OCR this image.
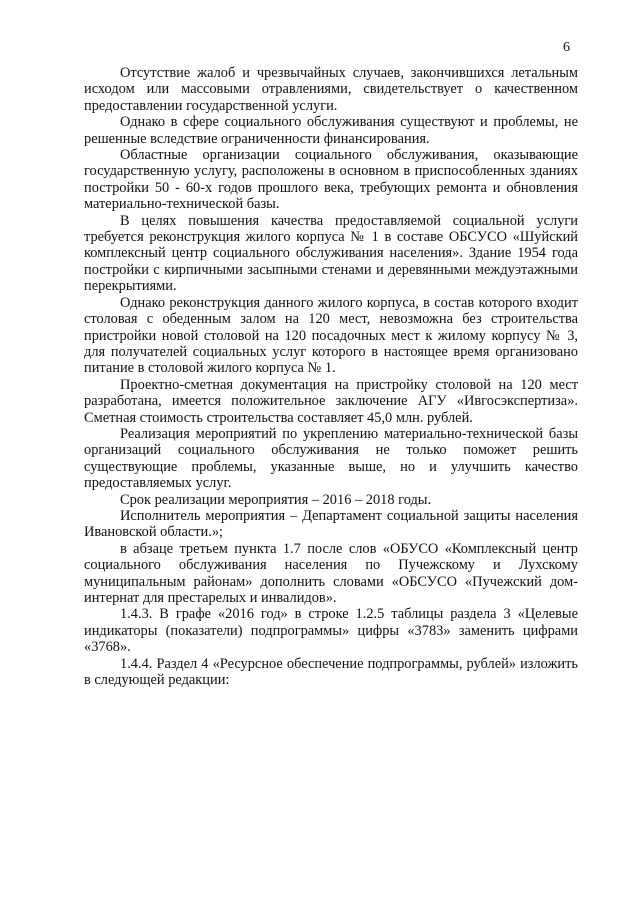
6

Отсутствие жалоб и чрезвычайных случаев, закончившихся летальным исходом или массовыми отравлениями, свидетельствует о качественном предоставлении государственной услуги.

Однако в сфере социального обслуживания существуют и проблемы, не решенные вследствие ограниченности финансирования.

Областные организации социального обслуживания, оказывающие государственную услугу, расположены в основном в приспособленных зданиях постройки 50 - 60-х годов прошлого века, требующих ремонта и обновления материально-технической базы.

В целях повышения качества предоставляемой социальной услуги требуется реконструкция жилого корпуса № 1 в составе ОБСУСО «Шуйский комплексный центр социального обслуживания населения». Здание 1954 года постройки с кирпичными засыпными стенами и деревянными междуэтажными перекрытиями.

Однако реконструкция данного жилого корпуса, в состав которого входит столовая с обеденным залом на 120 мест, невозможна без строительства пристройки новой столовой на 120 посадочных мест к жилому корпусу № 3, для получателей социальных услуг которого в настоящее время организовано питание в столовой жилого корпуса № 1.

Проектно-сметная документация на пристройку столовой на 120 мест разработана, имеется положительное заключение АГУ «Ивгосэкспертиза». Сметная стоимость строительства составляет 45,0 млн. рублей.

Реализация мероприятий по укреплению материально-технической базы организаций социального обслуживания не только поможет решить существующие проблемы, указанные выше, но и улучшить качество предоставляемых услуг.

Срок реализации мероприятия – 2016 – 2018 годы.

Исполнитель мероприятия – Департамент социальной защиты населения Ивановской области.»;

в абзаце третьем пункта 1.7 после слов «ОБУСО «Комплексный центр социального обслуживания населения по Пучежскому и Лухскому муниципальным районам» дополнить словами «ОБСУСО «Пучежский дом-интернат для престарелых и инвалидов».

1.4.3. В графе «2016 год» в строке 1.2.5 таблицы раздела 3 «Целевые индикаторы (показатели) подпрограммы» цифры «3783» заменить цифрами «3768».

1.4.4. Раздел 4 «Ресурсное обеспечение подпрограммы, рублей» изложить в следующей редакции:
